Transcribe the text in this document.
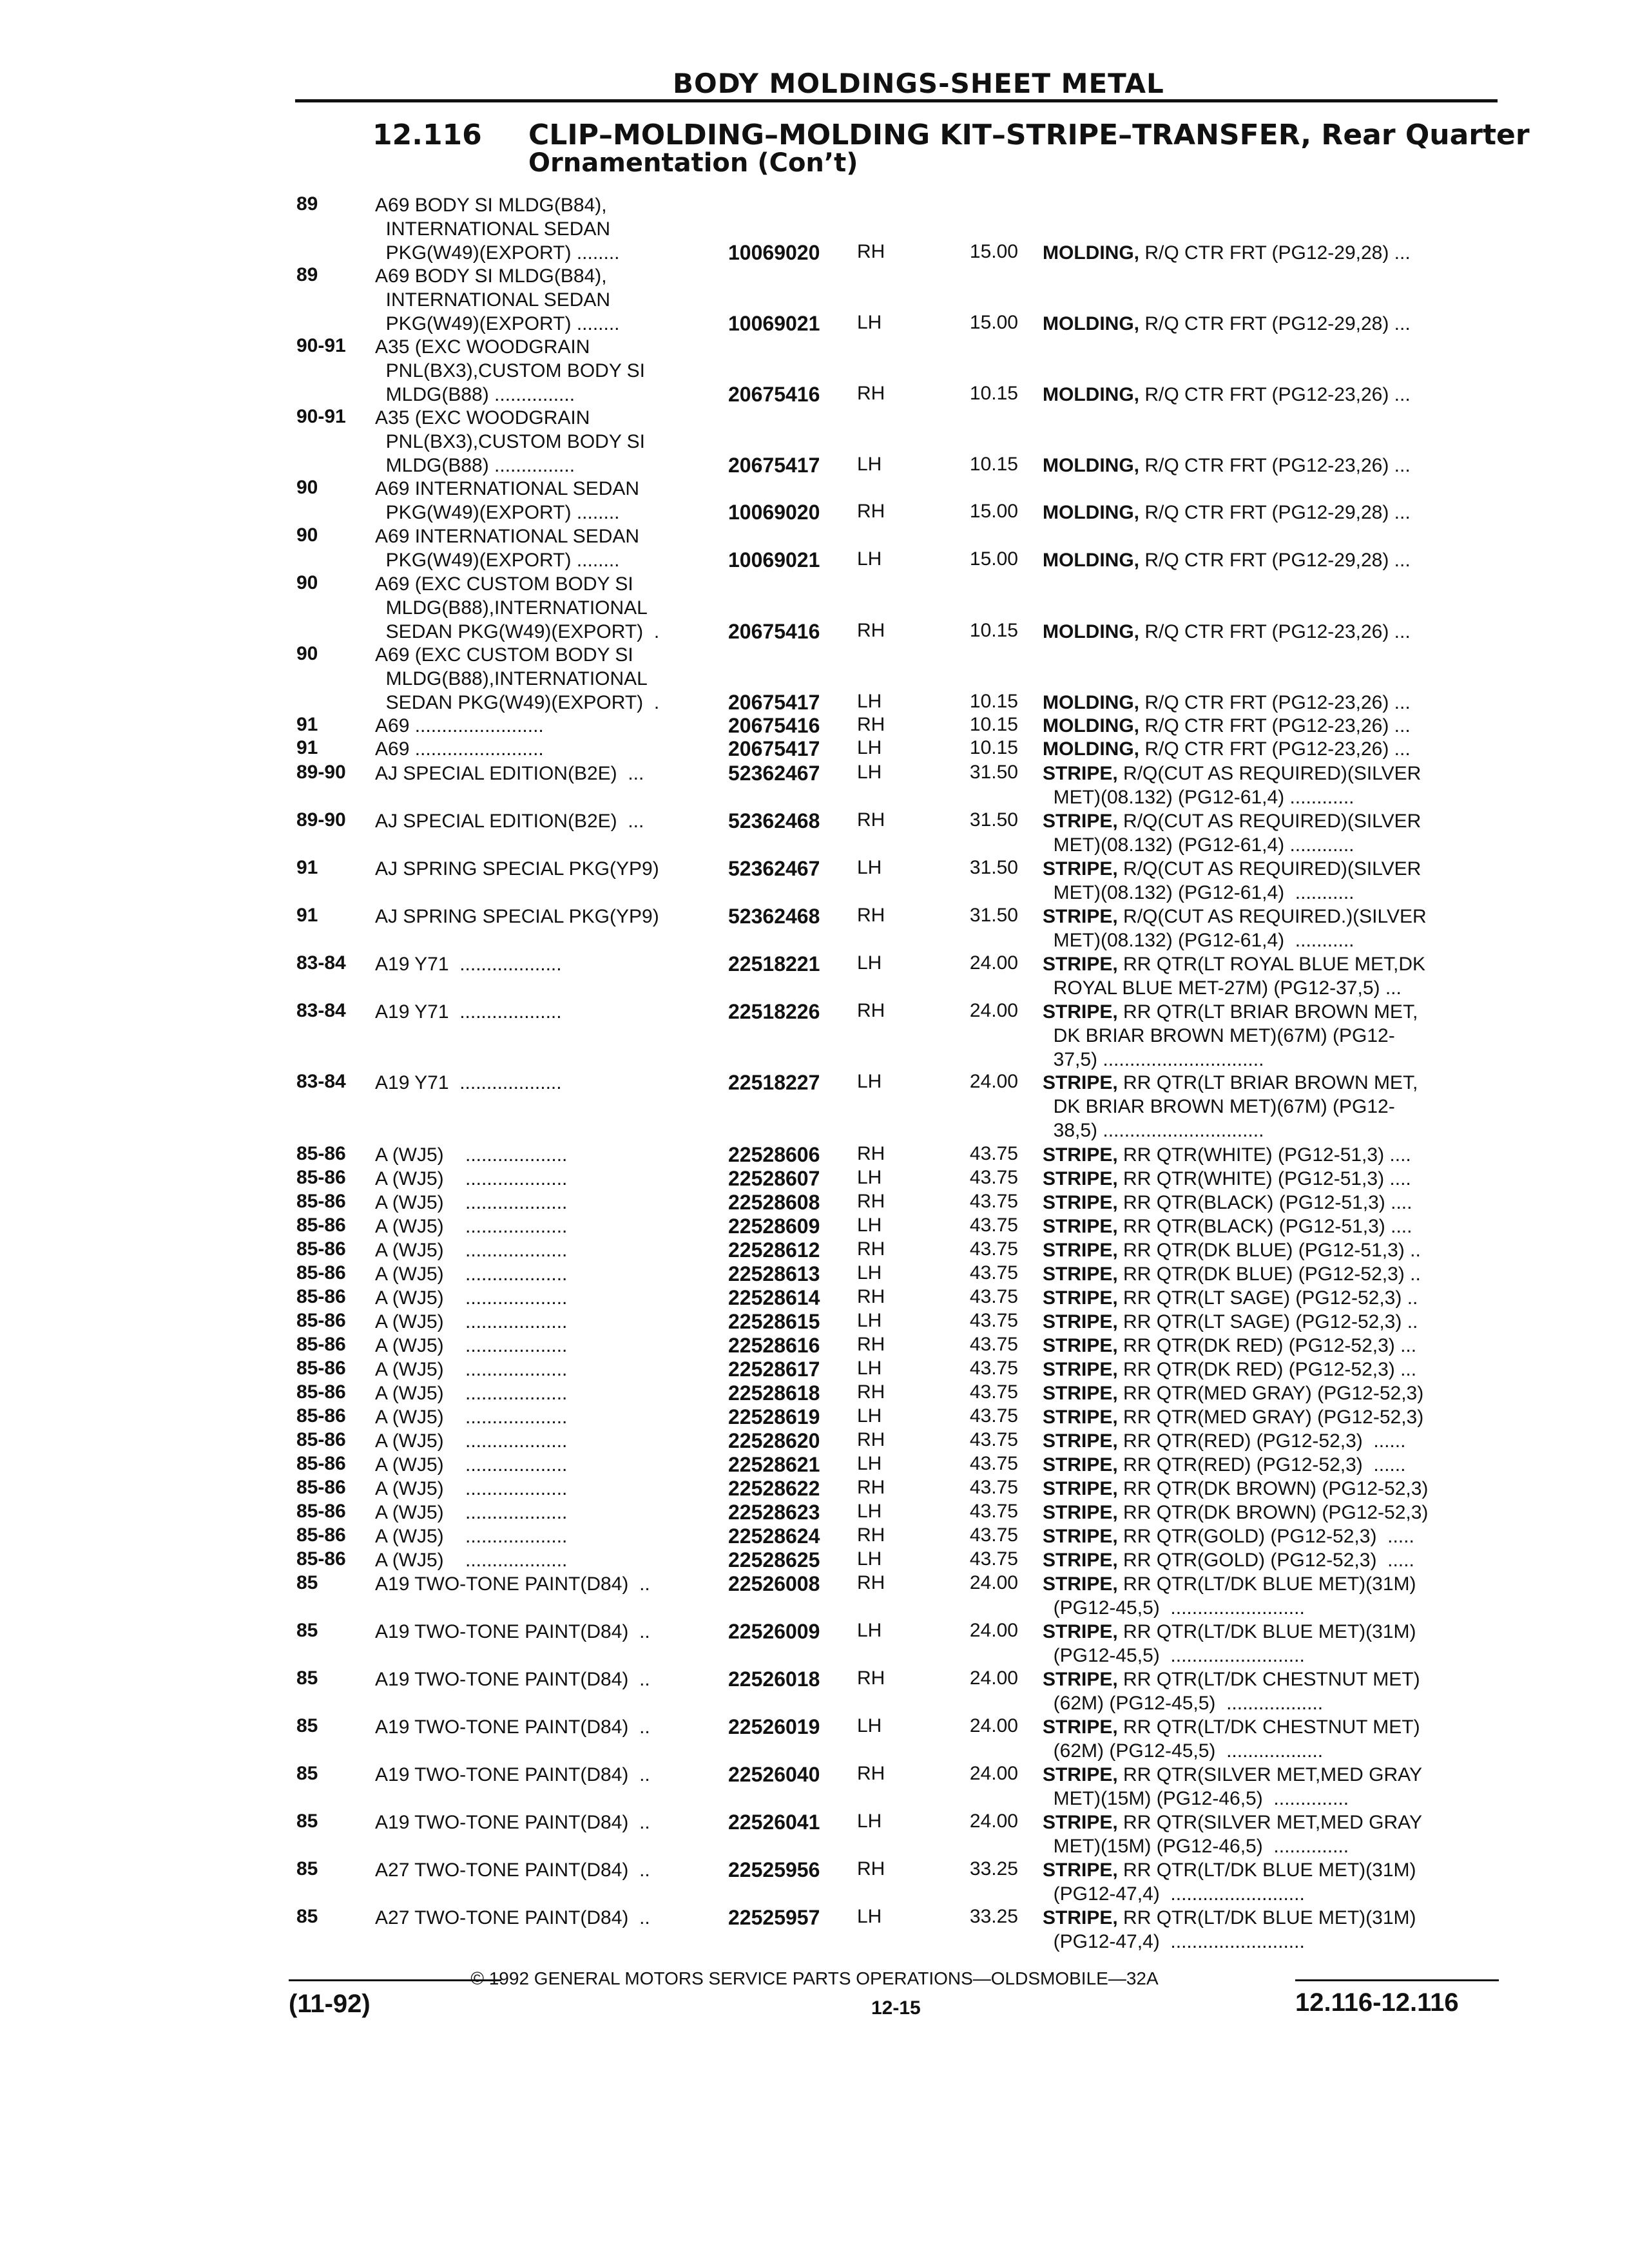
BODY MOLDINGS-SHEET METAL
12.116 CLIP–MOLDING–MOLDING KIT–STRIPE–TRANSFER, Rear Quarter
Ornamentation (Con’t)
89	A69 BODY SI MLDG(B84),
INTERNATIONAL SEDAN
PKG(W49)(EXPORT) ........	10069020 RH	15.00 MOLDING, R/Q CTR FRT (PG12-29,28) ...
89	A69 BODY SI MLDG(B84),
INTERNATIONAL SEDAN
PKG(W49)(EXPORT) ........	10069021 LH	15.00 MOLDING, R/Q CTR FRT (PG12-29,28) ...
90-91 A35 (EXC WOODGRAIN
PNL(BX3),CUSTOM BODY SI
MLDG(B88) ...............	20675416 RH	10.15 MOLDING, R/Q CTR FRT (PG12-23,26) ...
90-91 A35 (EXC WOODGRAIN
PNL(BX3),CUSTOM BODY SI
MLDG(B88) ...............	20675417 LH	10.15 MOLDING, R/Q CTR FRT (PG12-23,26) ...
90	A69 INTERNATIONAL SEDAN
PKG(W49)(EXPORT) ........	10069020 RH	15.00 MOLDING, R/Q CTR FRT (PG12-29,28) ...
90	A69 INTERNATIONAL SEDAN
PKG(W49)(EXPORT) ........	10069021 LH	15.00 MOLDING, R/Q CTR FRT (PG12-29,28) ...
90	A69 (EXC CUSTOM BODY SI
MLDG(B88),INTERNATIONAL
SEDAN PKG(W49)(EXPORT)  .	20675416 RH	10.15 MOLDING, R/Q CTR FRT (PG12-23,26) ...
90	A69 (EXC CUSTOM BODY SI
MLDG(B88),INTERNATIONAL
SEDAN PKG(W49)(EXPORT)  .	20675417 LH	10.15 MOLDING, R/Q CTR FRT (PG12-23,26) ...
91	A69 ........................	20675416 RH	10.15 MOLDING, R/Q CTR FRT (PG12-23,26) ...
91	A69 ........................	20675417 LH	10.15 MOLDING, R/Q CTR FRT (PG12-23,26) ...
89-90 AJ SPECIAL EDITION(B2E)  ...	52362467 LH	31.50 STRIPE, R/Q(CUT AS REQUIRED)(SILVER
MET)(08.132) (PG12-61,4) ............
89-90 AJ SPECIAL EDITION(B2E)  ...	52362468 RH	31.50 STRIPE, R/Q(CUT AS REQUIRED)(SILVER
MET)(08.132) (PG12-61,4) ............
91	AJ SPRING SPECIAL PKG(YP9)	52362467 LH	31.50 STRIPE, R/Q(CUT AS REQUIRED)(SILVER
MET)(08.132) (PG12-61,4)  ...........
91	AJ SPRING SPECIAL PKG(YP9)	52362468 RH	31.50 STRIPE, R/Q(CUT AS REQUIRED.)(SILVER
MET)(08.132) (PG12-61,4)  ...........
83-84 A19 Y71  ...................	22518221 LH	24.00 STRIPE, RR QTR(LT ROYAL BLUE MET,DK
ROYAL BLUE MET-27M) (PG12-37,5) ...
83-84 A19 Y71  ...................	22518226 RH	24.00 STRIPE, RR QTR(LT BRIAR BROWN MET,
DK BRIAR BROWN MET)(67M) (PG12-
37,5) ..............................
83-84 A19 Y71  ...................	22518227 LH	24.00 STRIPE, RR QTR(LT BRIAR BROWN MET,
DK BRIAR BROWN MET)(67M) (PG12-
38,5) ..............................
85-86 A (WJ5)    ...................	22528606 RH	43.75 STRIPE, RR QTR(WHITE) (PG12-51,3) ....
85-86 A (WJ5)    ...................	22528607 LH	43.75 STRIPE, RR QTR(WHITE) (PG12-51,3) ....
85-86 A (WJ5)    ...................	22528608 RH	43.75 STRIPE, RR QTR(BLACK) (PG12-51,3) ....
85-86 A (WJ5)    ...................	22528609 LH	43.75 STRIPE, RR QTR(BLACK) (PG12-51,3) ....
85-86 A (WJ5)    ...................	22528612 RH	43.75 STRIPE, RR QTR(DK BLUE) (PG12-51,3) ..
85-86 A (WJ5)    ...................	22528613 LH	43.75 STRIPE, RR QTR(DK BLUE) (PG12-52,3) ..
85-86 A (WJ5)    ...................	22528614 RH	43.75 STRIPE, RR QTR(LT SAGE) (PG12-52,3) ..
85-86 A (WJ5)    ...................	22528615 LH	43.75 STRIPE, RR QTR(LT SAGE) (PG12-52,3) ..
85-86 A (WJ5)    ...................	22528616 RH	43.75 STRIPE, RR QTR(DK RED) (PG12-52,3) ...
85-86 A (WJ5)    ...................	22528617 LH	43.75 STRIPE, RR QTR(DK RED) (PG12-52,3) ...
85-86 A (WJ5)    ...................	22528618 RH	43.75 STRIPE, RR QTR(MED GRAY) (PG12-52,3)
85-86 A (WJ5)    ...................	22528619 LH	43.75 STRIPE, RR QTR(MED GRAY) (PG12-52,3)
85-86 A (WJ5)    ...................	22528620 RH	43.75 STRIPE, RR QTR(RED) (PG12-52,3)  ......
85-86 A (WJ5)    ...................	22528621 LH	43.75 STRIPE, RR QTR(RED) (PG12-52,3)  ......
85-86 A (WJ5)    ...................	22528622 RH	43.75 STRIPE, RR QTR(DK BROWN) (PG12-52,3)
85-86 A (WJ5)    ...................	22528623 LH	43.75 STRIPE, RR QTR(DK BROWN) (PG12-52,3)
85-86 A (WJ5)    ...................	22528624 RH	43.75 STRIPE, RR QTR(GOLD) (PG12-52,3)  .....
85-86 A (WJ5)    ...................	22528625 LH	43.75 STRIPE, RR QTR(GOLD) (PG12-52,3)  .....
85	A19 TWO-TONE PAINT(D84)  ..	22526008 RH	24.00 STRIPE, RR QTR(LT/DK BLUE MET)(31M)
(PG12-45,5)  .........................
85	A19 TWO-TONE PAINT(D84)  ..	22526009 LH	24.00 STRIPE, RR QTR(LT/DK BLUE MET)(31M)
(PG12-45,5)  .........................
85	A19 TWO-TONE PAINT(D84)  ..	22526018 RH	24.00 STRIPE, RR QTR(LT/DK CHESTNUT MET)
(62M) (PG12-45,5)  ..................
85	A19 TWO-TONE PAINT(D84)  ..	22526019 LH	24.00 STRIPE, RR QTR(LT/DK CHESTNUT MET)
(62M) (PG12-45,5)  ..................
85	A19 TWO-TONE PAINT(D84)  ..	22526040 RH	24.00 STRIPE, RR QTR(SILVER MET,MED GRAY
MET)(15M) (PG12-46,5)  ..............
85	A19 TWO-TONE PAINT(D84)  ..	22526041 LH	24.00 STRIPE, RR QTR(SILVER MET,MED GRAY
MET)(15M) (PG12-46,5)  ..............
85	A27 TWO-TONE PAINT(D84)  ..	22525956 RH	33.25 STRIPE, RR QTR(LT/DK BLUE MET)(31M)
(PG12-47,4)  .........................
85	A27 TWO-TONE PAINT(D84)  ..	22525957 LH	33.25 STRIPE, RR QTR(LT/DK BLUE MET)(31M)
(PG12-47,4)  .........................
© 1992 GENERAL MOTORS SERVICE PARTS OPERATIONS—OLDSMOBILE—32A
(11-92)	12-15	12.116-12.116
